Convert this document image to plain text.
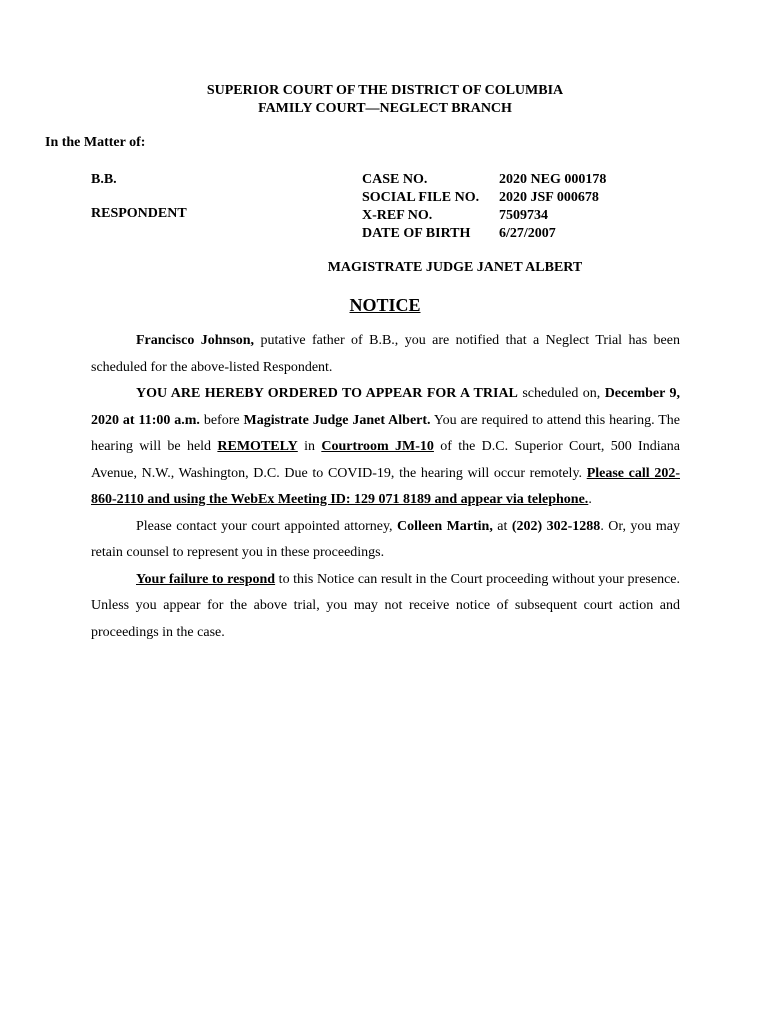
SUPERIOR COURT OF THE DISTRICT OF COLUMBIA
FAMILY COURT—NEGLECT BRANCH
In the Matter of:
B.B.
RESPONDENT
CASE NO.	2020 NEG 000178
SOCIAL FILE NO.	2020 JSF 000678
X-REF NO.	7509734
DATE OF BIRTH	6/27/2007
MAGISTRATE JUDGE JANET ALBERT
NOTICE

Francisco Johnson, putative father of B.B., you are notified that a Neglect Trial has been scheduled for the above-listed Respondent.

YOU ARE HEREBY ORDERED TO APPEAR FOR A TRIAL scheduled on, December 9, 2020 at 11:00 a.m. before Magistrate Judge Janet Albert. You are required to attend this hearing. The hearing will be held REMOTELY in Courtroom JM-10 of the D.C. Superior Court, 500 Indiana Avenue, N.W., Washington, D.C. Due to COVID-19, the hearing will occur remotely. Please call 202-860-2110 and using the WebEx Meeting ID: 129 071 8189 and appear via telephone..

Please contact your court appointed attorney, Colleen Martin, at (202) 302-1288. Or, you may retain counsel to represent you in these proceedings.

Your failure to respond to this Notice can result in the Court proceeding without your presence. Unless you appear for the above trial, you may not receive notice of subsequent court action and proceedings in the case.
